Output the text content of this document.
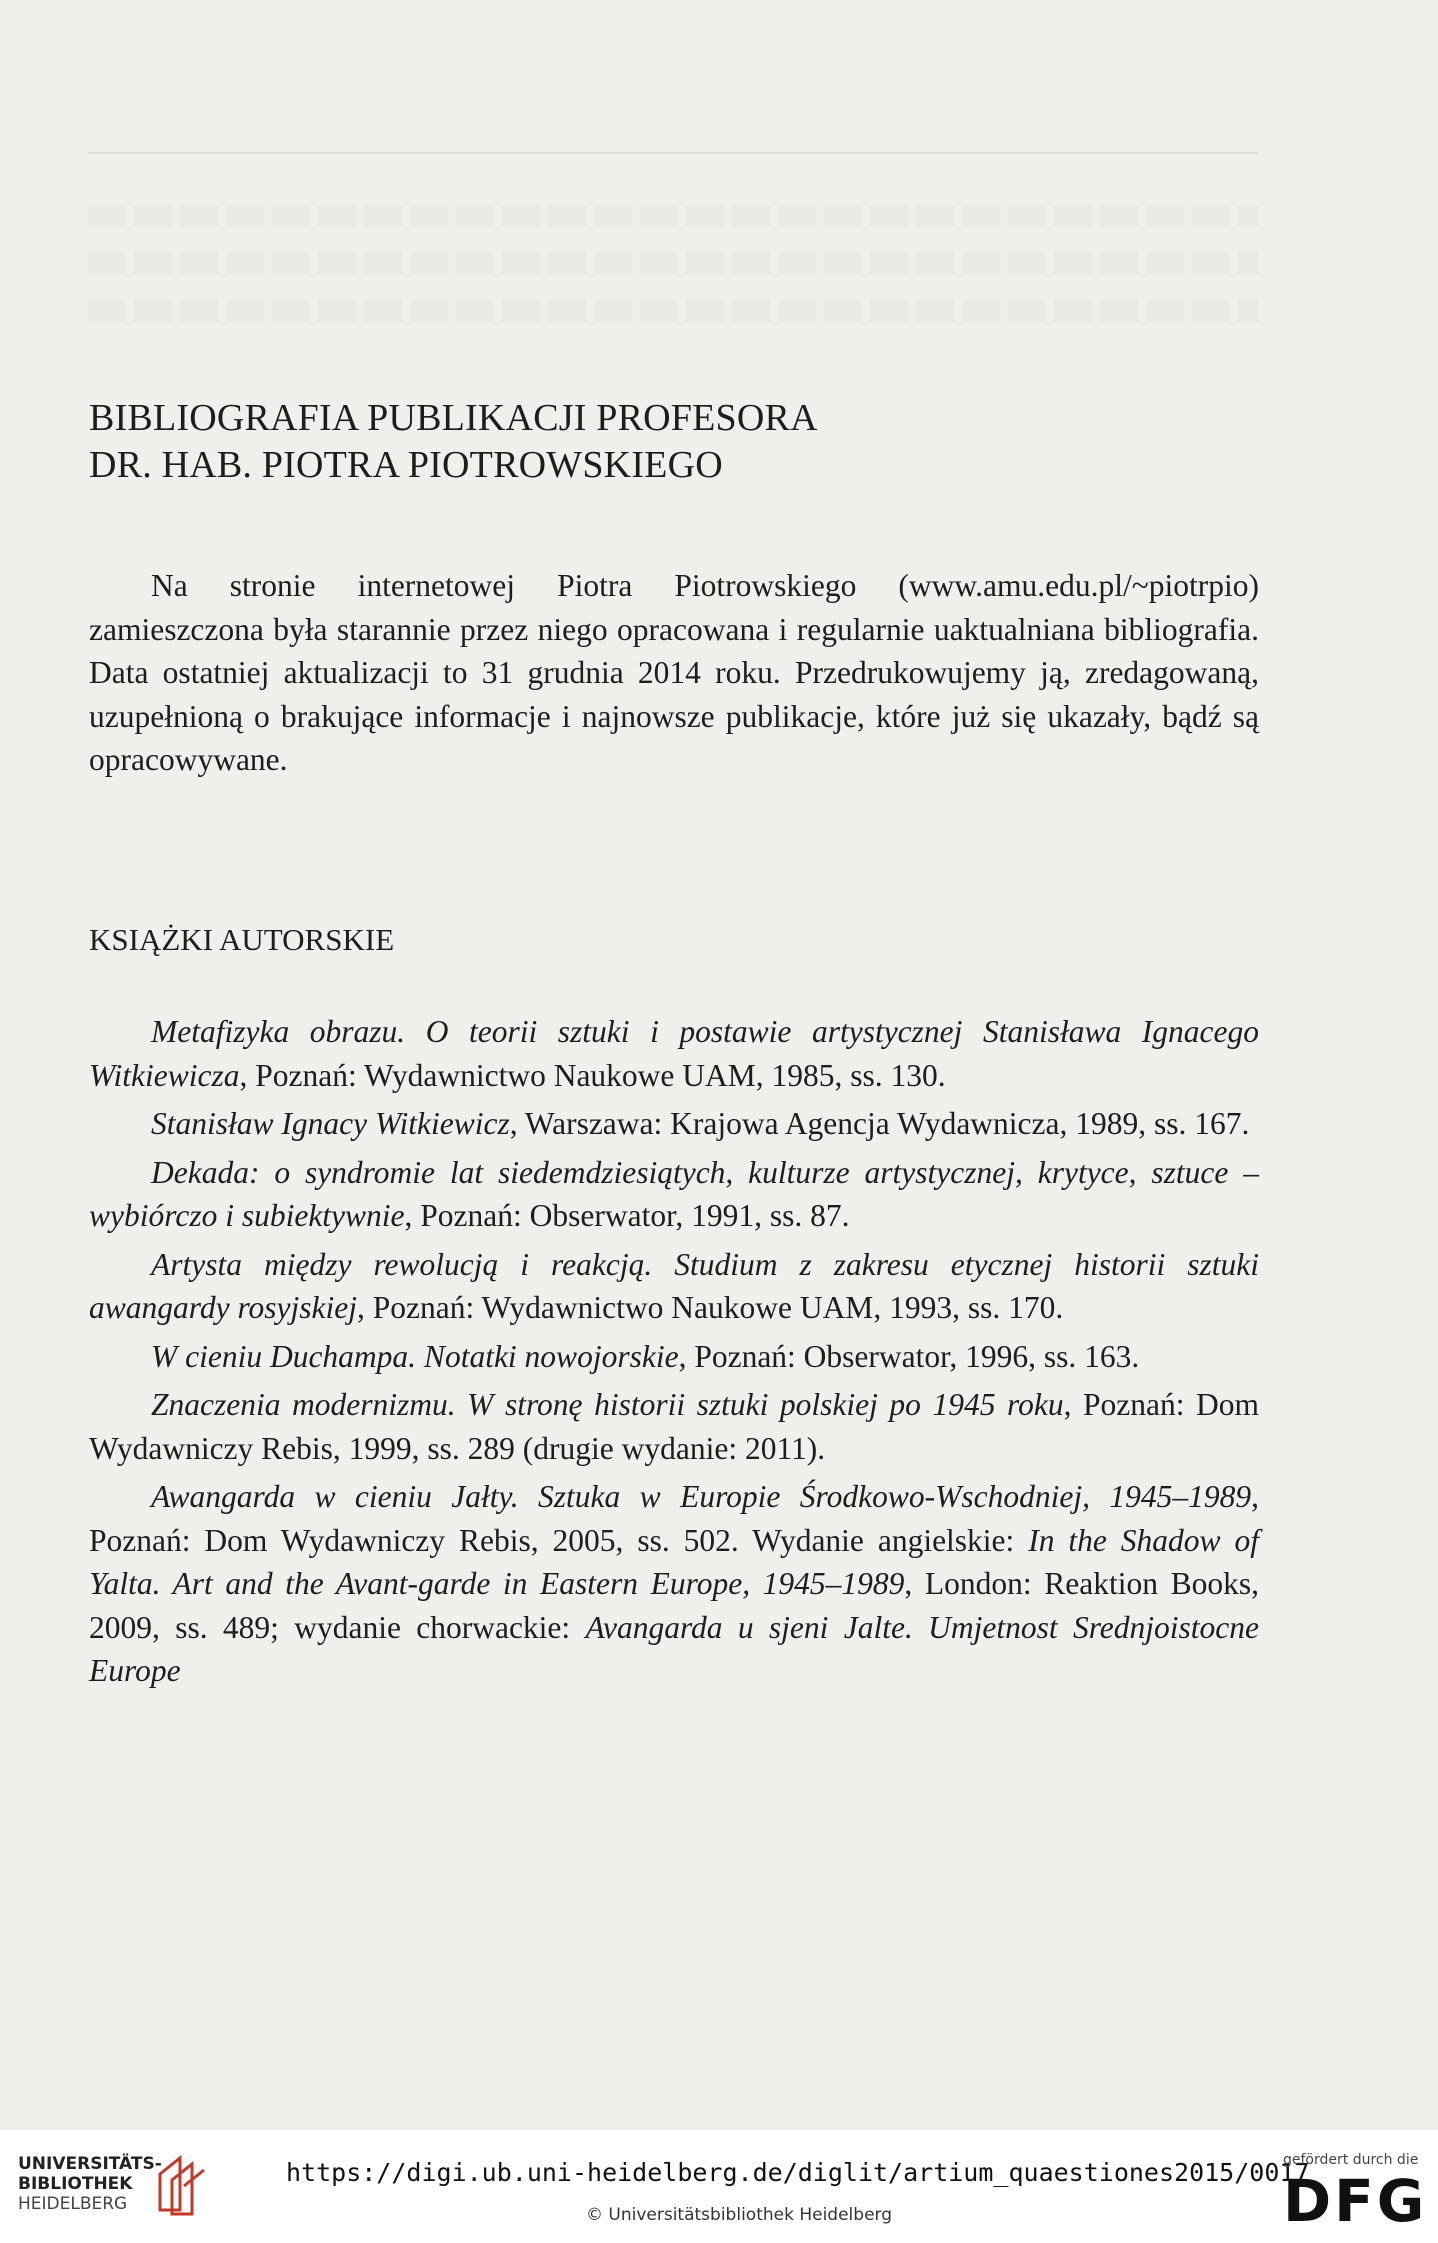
BIBLIOGRAFIA PUBLIKACJI PROFESORA
DR. HAB. PIOTRA PIOTROWSKIEGO

Na stronie internetowej Piotra Piotrowskiego (www.amu.edu.pl/~piotrpio) zamieszczona była starannie przez niego opracowana i regularnie uaktualniana bibliografia. Data ostatniej aktualizacji to 31 grudnia 2014 roku. Przedrukowujemy ją, zredagowaną, uzupełnioną o brakujące informacje i najnowsze publikacje, które już się ukazały, bądź są opracowywane.

KSIĄŻKI AUTORSKIE
Metafizyka obrazu. O teorii sztuki i postawie artystycznej Stanisława Ignacego Witkiewicza, Poznań: Wydawnictwo Naukowe UAM, 1985, ss. 130.
Stanisław Ignacy Witkiewicz, Warszawa: Krajowa Agencja Wydawnicza, 1989, ss. 167.
Dekada: o syndromie lat siedemdziesiątych, kulturze artystycznej, krytyce, sztuce – wybiórczo i subiektywnie, Poznań: Obserwator, 1991, ss. 87.
Artysta między rewolucją i reakcją. Studium z zakresu etycznej historii sztuki awangardy rosyjskiej, Poznań: Wydawnictwo Naukowe UAM, 1993, ss. 170.
W cieniu Duchampa. Notatki nowojorskie, Poznań: Obserwator, 1996, ss. 163.
Znaczenia modernizmu. W stronę historii sztuki polskiej po 1945 roku, Poznań: Dom Wydawniczy Rebis, 1999, ss. 289 (drugie wydanie: 2011).
Awangarda w cieniu Jałty. Sztuka w Europie Środkowo-Wschodniej, 1945–1989, Poznań: Dom Wydawniczy Rebis, 2005, ss. 502. Wydanie angielskie: In the Shadow of Yalta. Art and the Avant-garde in Eastern Europe, 1945–1989, London: Reaktion Books, 2009, ss. 489; wydanie chorwackie: Avangarda u sjeni Jalte. Umjetnost Srednjoistocne Europe
UNIVERSITÄTS-
BIBLIOTHEK
HEIDELBERG
https://digi.ub.uni-heidelberg.de/diglit/artium_quaestiones2015/0017
© Universitätsbibliothek Heidelberg
gefördert durch die
DFG
